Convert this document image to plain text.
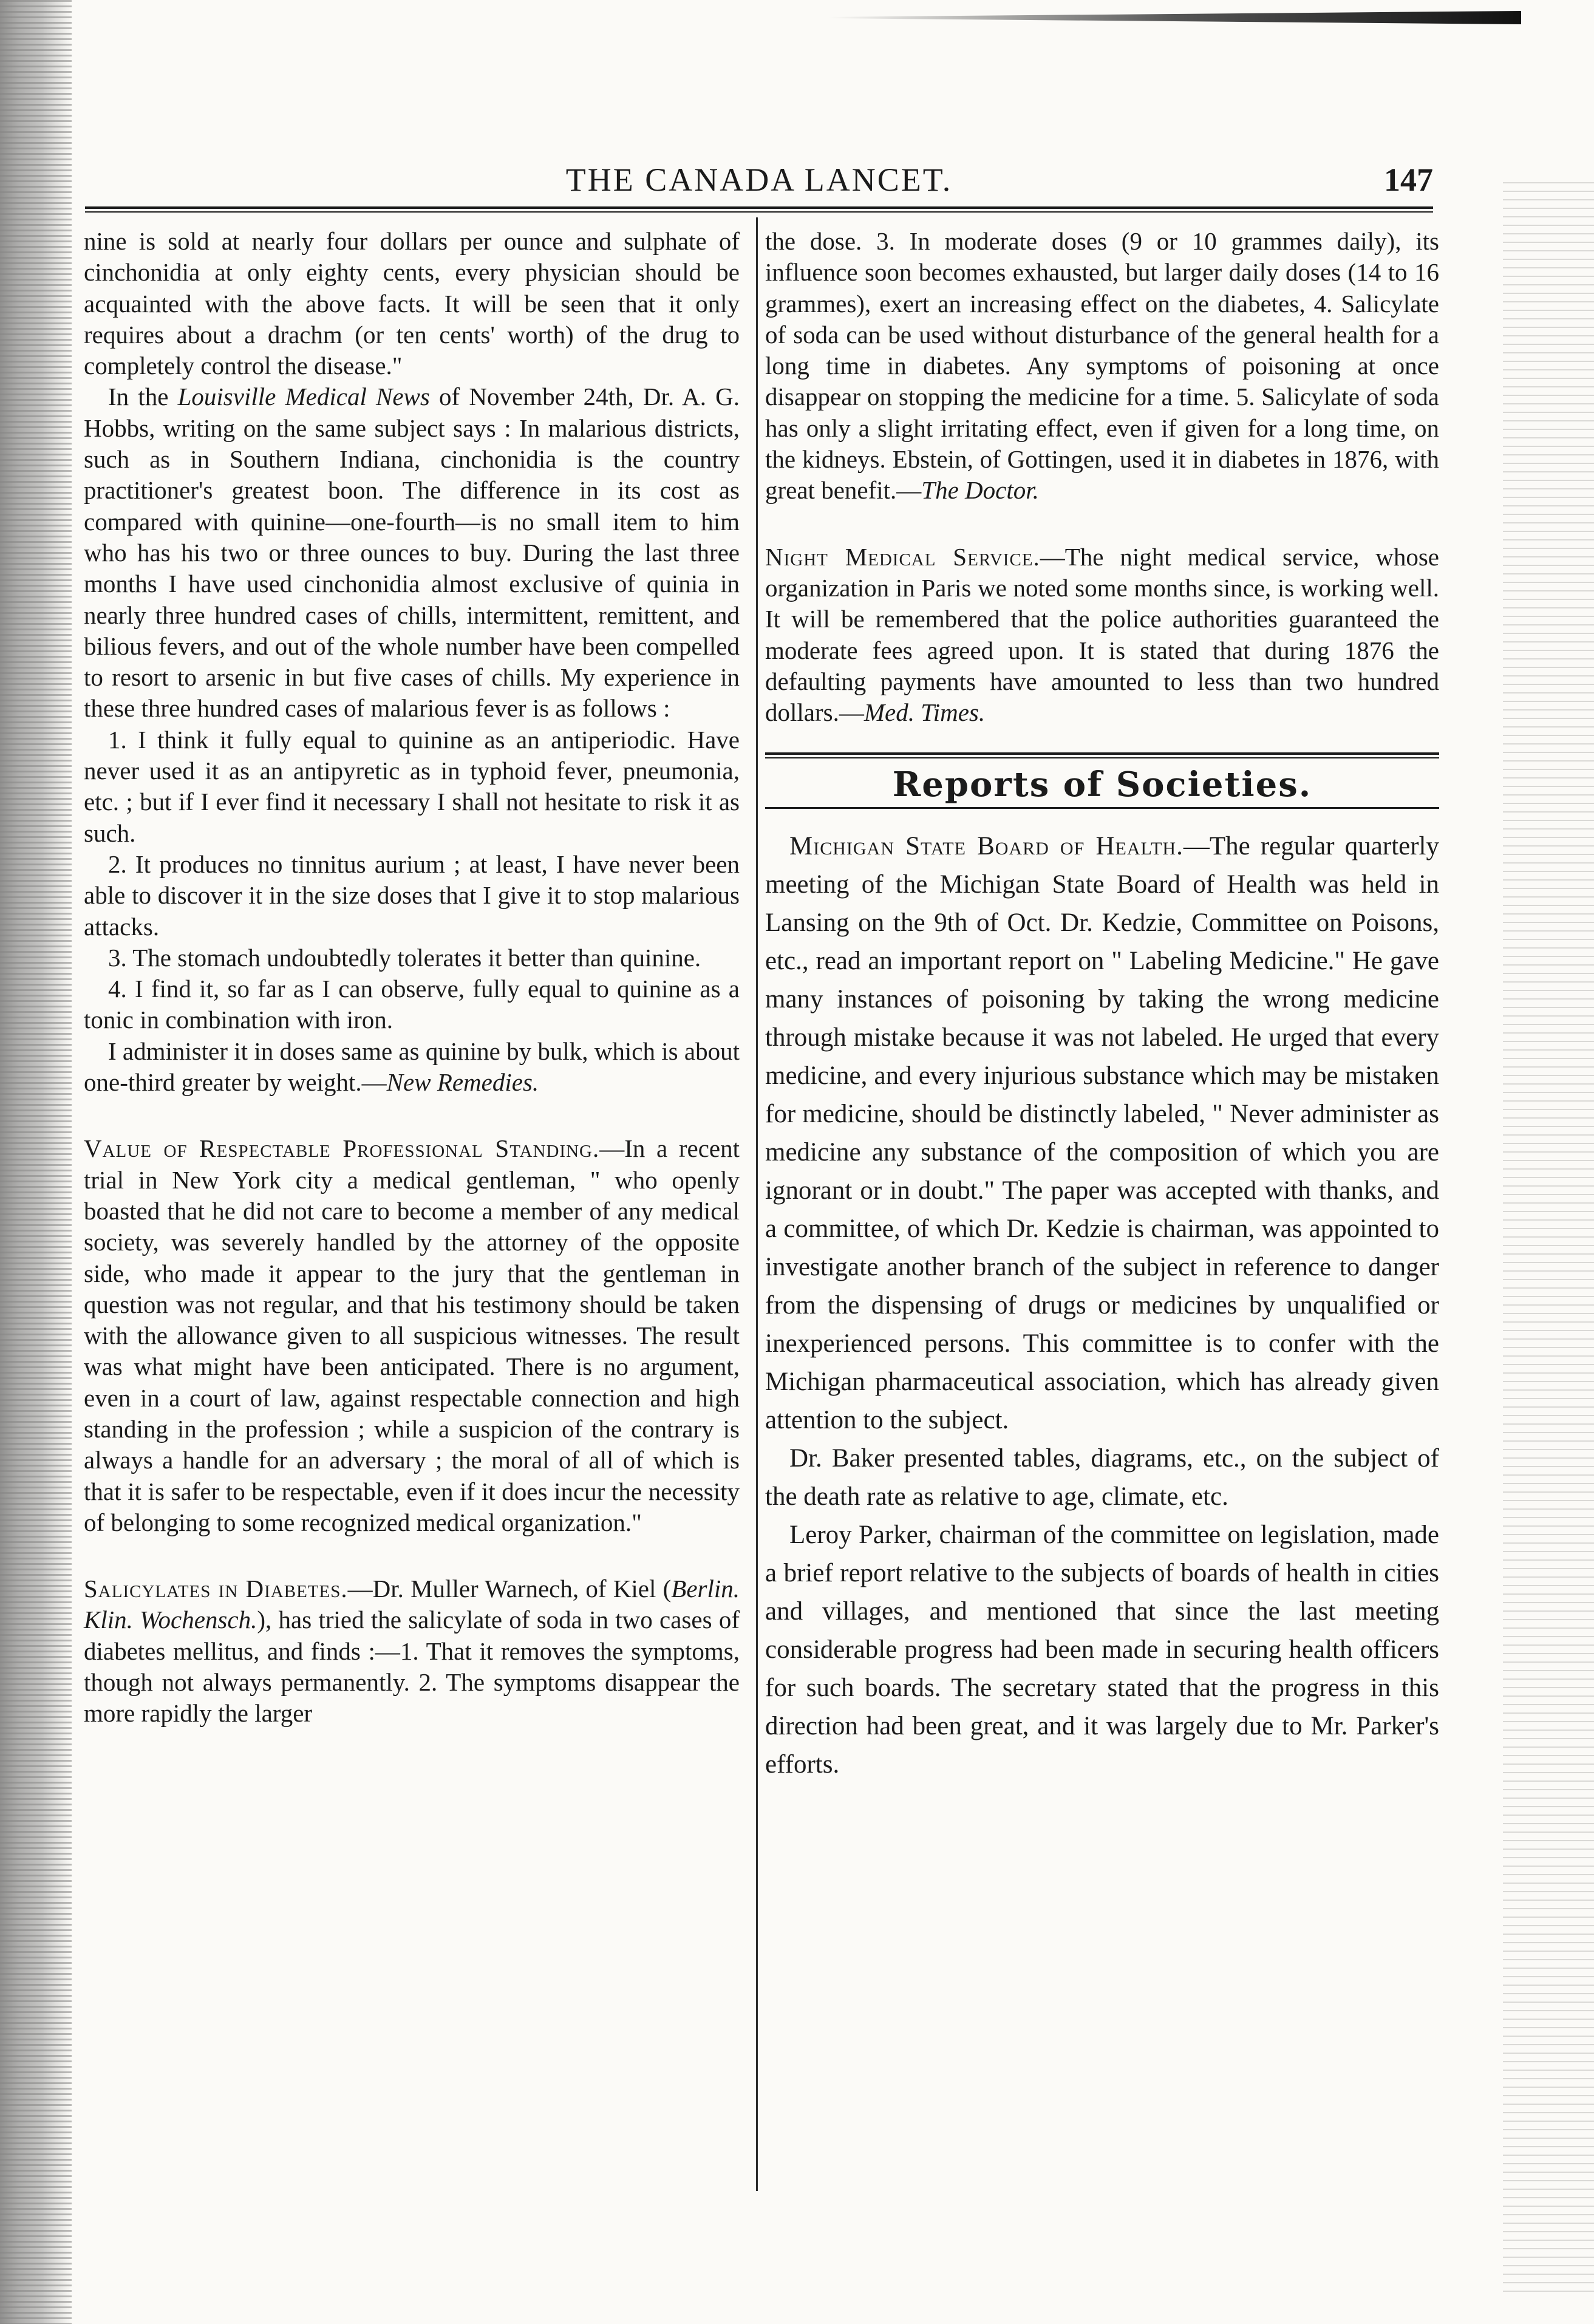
THE CANADA LANCET.	147

nine is sold at nearly four dollars per ounce and sulphate of cinchonidia at only eighty cents, every physician should be acquainted with the above facts. It will be seen that it only requires about a drachm (or ten cents' worth) of the drug to completely control the disease."

In the Louisville Medical News of November 24th, Dr. A. G. Hobbs, writing on the same subject says : In malarious districts, such as in Southern Indiana, cinchonidia is the country practitioner's greatest boon. The difference in its cost as compared with quinine—one-fourth—is no small item to him who has his two or three ounces to buy. During the last three months I have used cinchonidia almost exclusive of quinia in nearly three hundred cases of chills, intermittent, remittent, and bilious fevers, and out of the whole number have been compelled to resort to arsenic in but five cases of chills. My experience in these three hundred cases of malarious fever is as follows :

1. I think it fully equal to quinine as an antiperiodic. Have never used it as an antipyretic as in typhoid fever, pneumonia, etc. ; but if I ever find it necessary I shall not hesitate to risk it as such.

2. It produces no tinnitus aurium ; at least, I have never been able to discover it in the size doses that I give it to stop malarious attacks.

3. The stomach undoubtedly tolerates it better than quinine.

4. I find it, so far as I can observe, fully equal to quinine as a tonic in combination with iron.

I administer it in doses same as quinine by bulk, which is about one-third greater by weight.—New Remedies.

Value of Respectable Professional Standing.—In a recent trial in New York city a medical gentleman, " who openly boasted that he did not care to become a member of any medical society, was severely handled by the attorney of the opposite side, who made it appear to the jury that the gentleman in question was not regular, and that his testimony should be taken with the allowance given to all suspicious witnesses. The result was what might have been anticipated. There is no argument, even in a court of law, against respectable connection and high standing in the profession ; while a suspicion of the contrary is always a handle for an adversary ; the moral of all of which is that it is safer to be respectable, even if it does incur the necessity of belonging to some recognized medical organization."

Salicylates in Diabetes.—Dr. Muller Warnech, of Kiel (Berlin. Klin. Wochensch.), has tried the salicylate of soda in two cases of diabetes mellitus, and finds :—1. That it removes the symptoms, though not always permanently. 2. The symptoms disappear the more rapidly the larger

the dose. 3. In moderate doses (9 or 10 grammes daily), its influence soon becomes exhausted, but larger daily doses (14 to 16 grammes), exert an increasing effect on the diabetes, 4. Salicylate of soda can be used without disturbance of the general health for a long time in diabetes. Any symptoms of poisoning at once disappear on stopping the medicine for a time. 5. Salicylate of soda has only a slight irritating effect, even if given for a long time, on the kidneys. Ebstein, of Gottingen, used it in diabetes in 1876, with great benefit.—The Doctor.

Night Medical Service.—The night medical service, whose organization in Paris we noted some months since, is working well. It will be remembered that the police authorities guaranteed the moderate fees agreed upon. It is stated that during 1876 the defaulting payments have amounted to less than two hundred dollars.—Med. Times.

Reports of Societies.

Michigan State Board of Health.—The regular quarterly meeting of the Michigan State Board of Health was held in Lansing on the 9th of Oct. Dr. Kedzie, Committee on Poisons, etc., read an important report on " Labeling Medicine." He gave many instances of poisoning by taking the wrong medicine through mistake because it was not labeled. He urged that every medicine, and every injurious substance which may be mistaken for medicine, should be distinctly labeled, " Never administer as medicine any substance of the composition of which you are ignorant or in doubt." The paper was accepted with thanks, and a committee, of which Dr. Kedzie is chairman, was appointed to investigate another branch of the subject in reference to danger from the dispensing of drugs or medicines by unqualified or inexperienced persons. This committee is to confer with the Michigan pharmaceutical association, which has already given attention to the subject.

Dr. Baker presented tables, diagrams, etc., on the subject of the death rate as relative to age, climate, etc.

Leroy Parker, chairman of the committee on legislation, made a brief report relative to the subjects of boards of health in cities and villages, and mentioned that since the last meeting considerable progress had been made in securing health officers for such boards. The secretary stated that the progress in this direction had been great, and it was largely due to Mr. Parker's efforts.
